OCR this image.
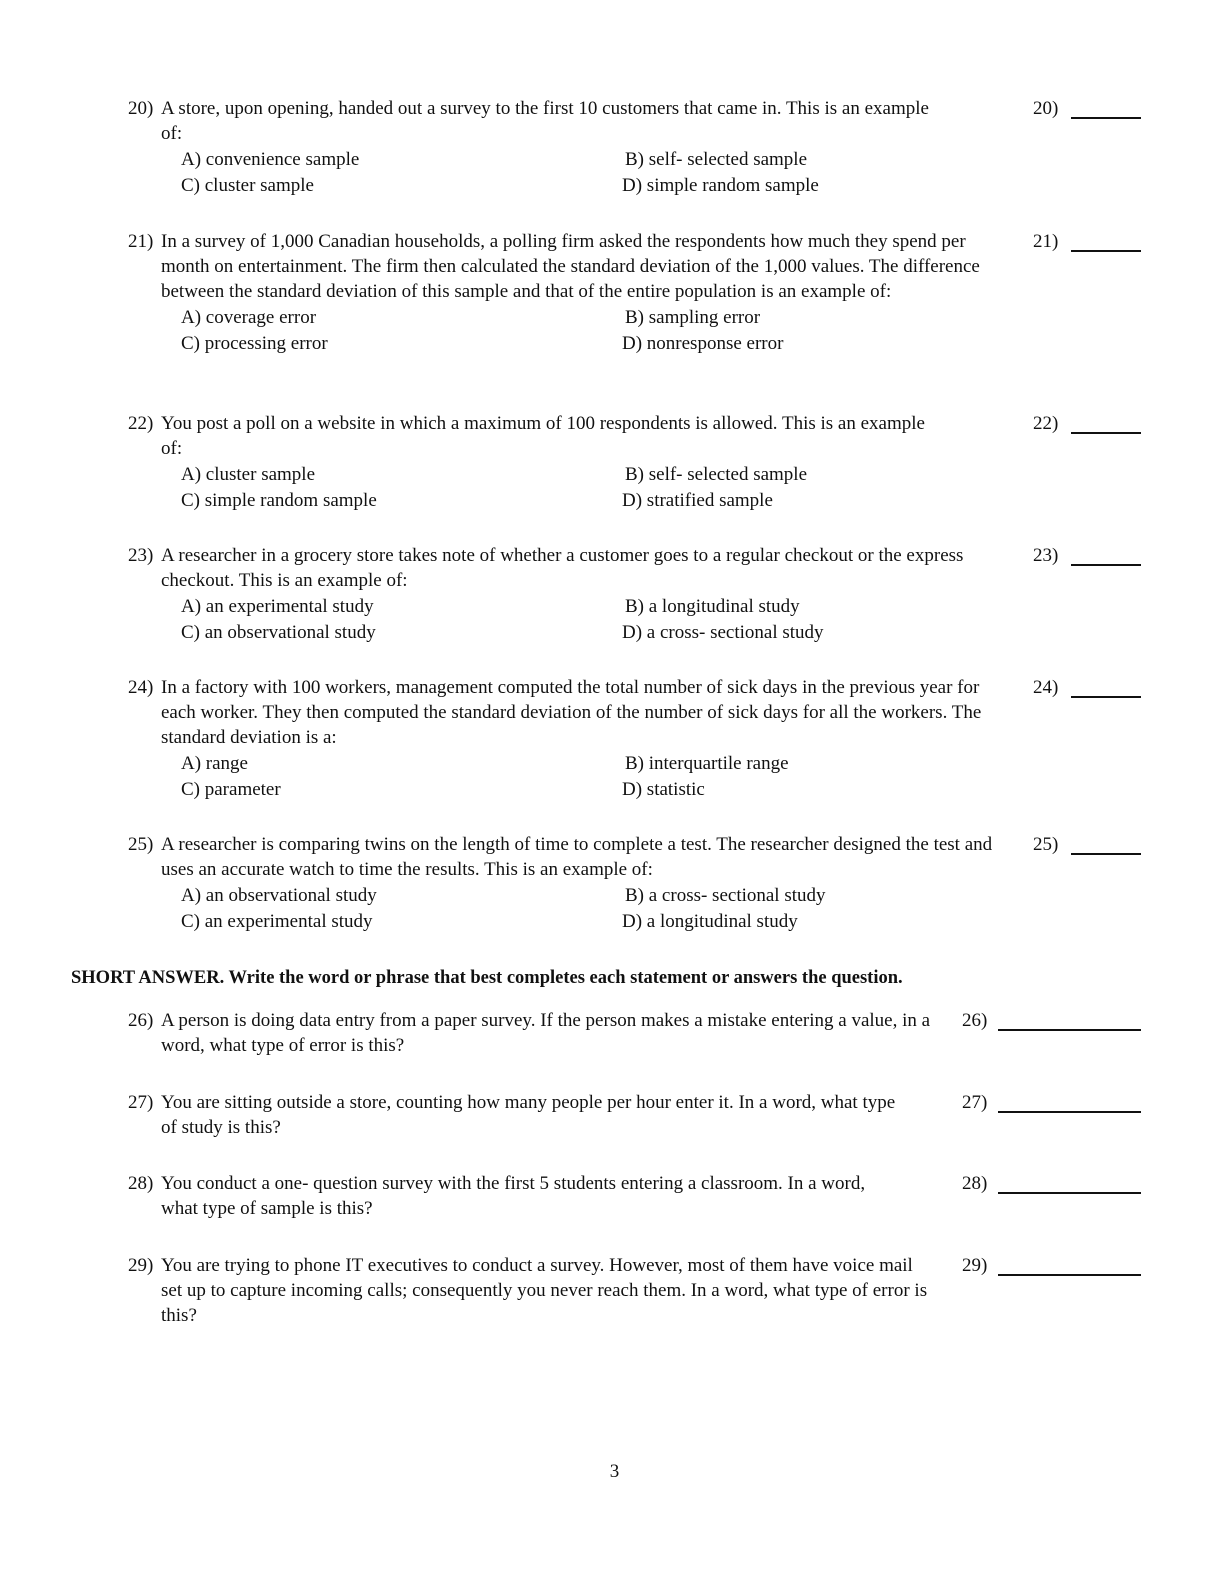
20) A store, upon opening, handed out a survey to the first 10 customers that came in. This is an example of:
A) convenience sample	B) self- selected sample
C) cluster sample	D) simple random sample
20)
21) In a survey of 1,000 Canadian households, a polling firm asked the respondents how much they spend per month on entertainment. The firm then calculated the standard deviation of the 1,000 values. The difference between the standard deviation of this sample and that of the entire population is an example of:
A) coverage error	B) sampling error
C) processing error	D) nonresponse error
21)
22) You post a poll on a website in which a maximum of 100 respondents is allowed. This is an example of:
A) cluster sample	B) self- selected sample
C) simple random sample	D) stratified sample
22)
23) A researcher in a grocery store takes note of whether a customer goes to a regular checkout or the express checkout. This is an example of:
A) an experimental study	B) a longitudinal study
C) an observational study	D) a cross- sectional study
23)
24) In a factory with 100 workers, management computed the total number of sick days in the previous year for each worker. They then computed the standard deviation of the number of sick days for all the workers. The standard deviation is a:
A) range	B) interquartile range
C) parameter	D) statistic
24)
25) A researcher is comparing twins on the length of time to complete a test. The researcher designed the test and uses an accurate watch to time the results. This is an example of:
A) an observational study	B) a cross- sectional study
C) an experimental study	D) a longitudinal study
25)
SHORT ANSWER. Write the word or phrase that best completes each statement or answers the question.
26) A person is doing data entry from a paper survey. If the person makes a mistake entering a value, in a word, what type of error is this?
26)
27) You are sitting outside a store, counting how many people per hour enter it. In a word, what type of study is this?
27)
28) You conduct a one- question survey with the first 5 students entering a classroom. In a word, what type of sample is this?
28)
29) You are trying to phone IT executives to conduct a survey. However, most of them have voice mail set up to capture incoming calls; consequently you never reach them. In a word, what type of error is this?
29)
3
